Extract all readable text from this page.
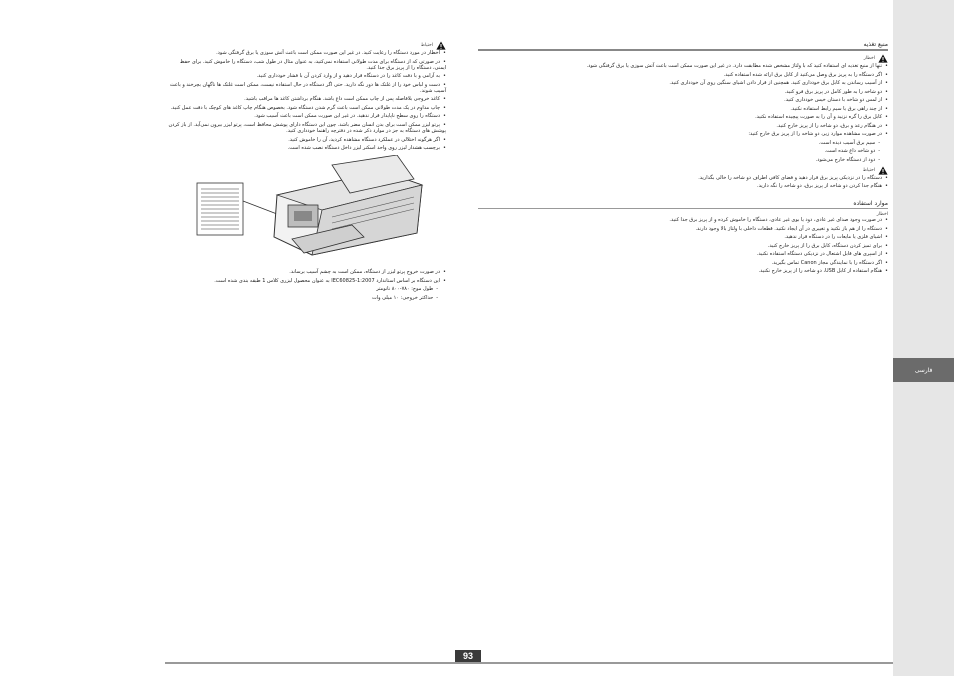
احتیاط

• اخطار در مورد دستگاه را رعایت کنید. در غیر این صورت ممکن است باعث آتش سوزی یا برق گرفتگی شود.

• در صورتی که از دستگاه برای مدت طولانی استفاده نمی‌کنید، به عنوان مثال در طول شب، دستگاه را خاموش کنید. برای حفظ ایمنی، دستگاه را از پریز برق جدا کنید.

• به آرامی و با دقت کاغذ را در دستگاه قرار دهید و از وارد کردن آن با فشار خودداری کنید.

• دست و لباس خود را از غلتک ها دور نگه دارید. حتی اگر دستگاه در حال استفاده نیست، ممکن است غلتک ها ناگهان بچرخند و باعث آسیب شوند.

• کاغذ خروجی بلافاصله پس از چاپ ممکن است داغ باشد. هنگام برداشتن کاغذ ها مراقب باشید.

• چاپ مداوم در یک مدت طولانی ممکن است باعث گرم شدن دستگاه شود. بخصوص هنگام چاپ کاغذ های کوچک با دقت عمل کنید.

• دستگاه را روی سطح ناپایدار قرار ندهید. در غیر این صورت ممکن است باعث آسیب شود.

• پرتو لیزر ممکن است برای بدن انسان مضر باشد. چون این دستگاه دارای پوشش محافظ است، پرتو لیزر بیرون نمی‌آید. از باز کردن پوشش های دستگاه به جز در موارد ذکر شده در دفترچه راهنما خودداری کنید.

• اگر هرگونه اختلالی در عملکرد دستگاه مشاهده کردید، آن را خاموش کنید.

• برچسب هشدار لیزر روی واحد اسکنر لیزر داخل دستگاه نصب شده است.

• در صورت خروج پرتو لیزر از دستگاه، ممکن است به چشم آسیب برساند.

• این دستگاه بر اساس استاندارد IEC60825-1:2007 به عنوان محصول لیزری کلاس 1 طبقه بندی شده است.

- طول موج: ۷۸۰-۸۰۰ نانومتر

- حداکثر خروجی: ۱۰ میلی وات

منبع تغذیه
اخطار

• تنها از منبع تغذیه ای استفاده کنید که با ولتاژ مشخص شده مطابقت دارد. در غیر این صورت ممکن است باعث آتش سوزی یا برق گرفتگی شود.

• اگر دستگاه را به پریز برق وصل می‌کنید از کابل برق ارائه شده استفاده کنید.

• از آسیب رساندن به کابل برق خودداری کنید. همچنین از قرار دادن اشیای سنگین روی آن خودداری کنید.

• دو شاخه را به طور کامل در پریز برق فرو کنید.

• از لمس دو شاخه با دستان خیس خودداری کنید.

• از چند راهی برق یا سیم رابط استفاده نکنید.

• کابل برق را گره نزنید و آن را به صورت پیچیده استفاده نکنید.

• در هنگام رعد و برق، دو شاخه را از پریز خارج کنید.

• در صورت مشاهده موارد زیر، دو شاخه را از پریز برق خارج کنید:

- سیم برق آسیب دیده است.

- دو شاخه داغ شده است.

- دود از دستگاه خارج می‌شود.

احتیاط

• دستگاه را در نزدیکی پریز برق قرار دهید و فضای کافی اطراف دو شاخه را خالی بگذارید.

• هنگام جدا کردن دو شاخه از پریز برق، دو شاخه را نگه دارید.

موارد استفاده
اخطار

• در صورت وجود صدای غیر عادی، دود یا بوی غیر عادی، دستگاه را خاموش کرده و از پریز برق جدا کنید.

• دستگاه را از هم باز نکنید و تغییری در آن ایجاد نکنید. قطعات داخلی با ولتاژ بالا وجود دارند.

• اشیای فلزی یا مایعات را در دستگاه قرار ندهید.

• برای تمیز کردن دستگاه، کابل برق را از پریز خارج کنید.

• از اسپری های قابل اشتعال در نزدیکی دستگاه استفاده نکنید.

• اگر دستگاه را با نمایندگی مجاز Canon تماس بگیرید.

• هنگام استفاده از کابل USB، دو شاخه را از پریز خارج نکنید.

فارسی
93
